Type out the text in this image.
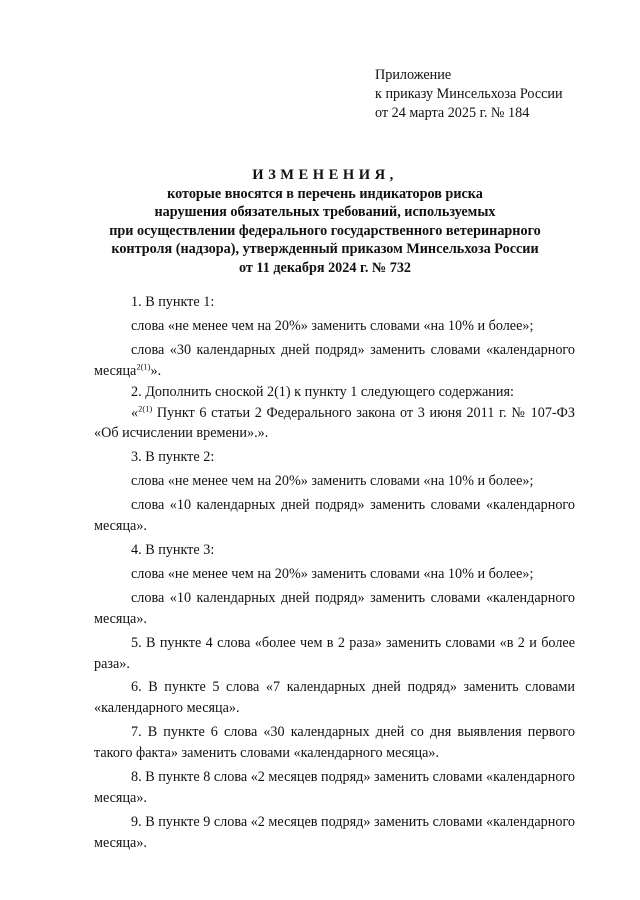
Приложение
к приказу Минсельхоза России
от 24 марта 2025 г. № 184
ИЗМЕНЕНИЯ,
которые вносятся в перечень индикаторов риска
нарушения обязательных требований, используемых
при осуществлении федерального государственного ветеринарного
контроля (надзора), утвержденный приказом Минсельхоза России
от 11 декабря 2024 г. № 732

1. В пункте 1:

слова «не менее чем на 20%» заменить словами «на 10% и более»;

слова «30 календарных дней подряд» заменить словами «календарного месяца$^{2(1)}$».

2. Дополнить сноской 2(1) к пункту 1 следующего содержания:

«$^{2(1)}$ Пункт 6 статьи 2 Федерального закона от 3 июня 2011 г. № 107-ФЗ «Об исчислении времени».».

3. В пункте 2:

слова «не менее чем на 20%» заменить словами «на 10% и более»;

слова «10 календарных дней подряд» заменить словами «календарного месяца».

4. В пункте 3:

слова «не менее чем на 20%» заменить словами «на 10% и более»;

слова «10 календарных дней подряд» заменить словами «календарного месяца».

5. В пункте 4 слова «более чем в 2 раза» заменить словами «в 2 и более раза».

6. В пункте 5 слова «7 календарных дней подряд» заменить словами «календарного месяца».

7. В пункте 6 слова «30 календарных дней со дня выявления первого такого факта» заменить словами «календарного месяца».

8. В пункте 8 слова «2 месяцев подряд» заменить словами «календарного месяца».

9. В пункте 9 слова «2 месяцев подряд» заменить словами «календарного месяца».
